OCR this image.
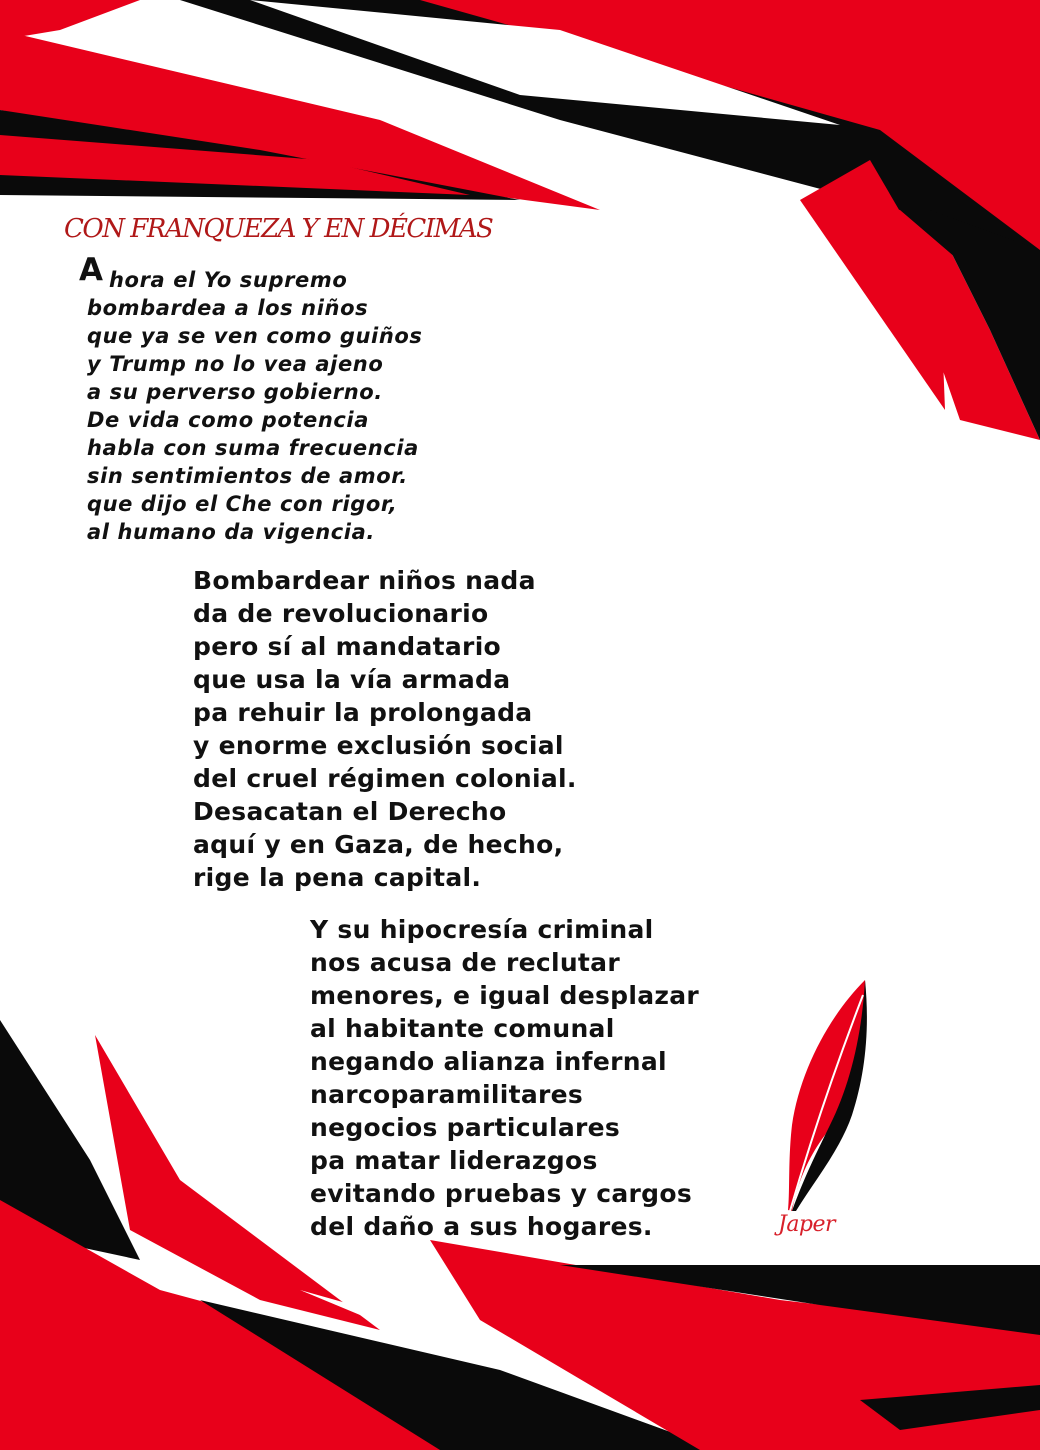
CON FRANQUEZA Y EN DÉCIMAS
A hora el Yo supremo
bombardea a los niños
que ya se ven como guiños
y Trump no lo vea ajeno
a su perverso gobierno.
De vida como potencia
habla con suma frecuencia
sin sentimientos de amor.
que dijo el Che con rigor,
al humano da vigencia.
Bombardear niños nada
da de revolucionario
pero sí al mandatario
que usa la vía armada
pa rehuir la prolongada
y enorme exclusión social
del cruel régimen colonial.
Desacatan el Derecho
aquí y en Gaza, de hecho,
rige la pena capital.
Y su hipocresía criminal
nos acusa de reclutar
menores, e igual desplazar
al habitante comunal
negando alianza infernal
narcoparamilitares
negocios particulares
pa matar liderazgos
evitando pruebas y cargos
del daño a sus hogares.	Japer
